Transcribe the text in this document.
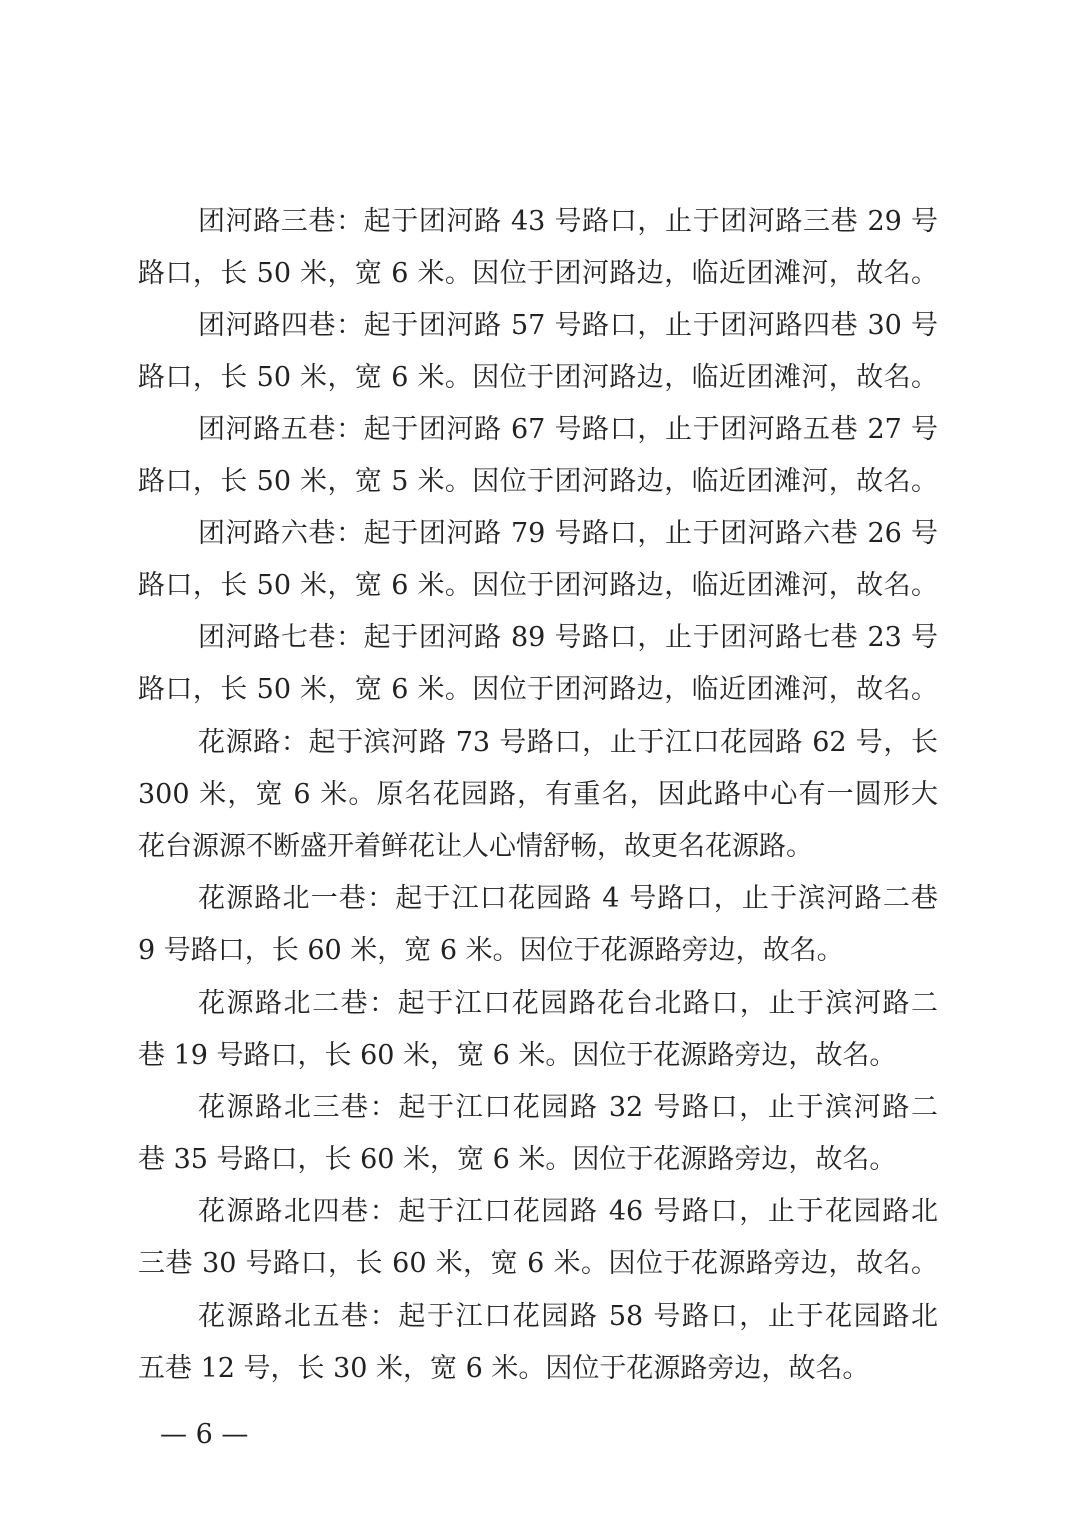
团河路三巷：起于团河路 43 号路口，止于团河路三巷 29 号
路口，长 50 米，宽 6 米。因位于团河路边，临近团滩河，故名。
团河路四巷：起于团河路 57 号路口，止于团河路四巷 30 号
路口，长 50 米，宽 6 米。因位于团河路边，临近团滩河，故名。
团河路五巷：起于团河路 67 号路口，止于团河路五巷 27 号
路口，长 50 米，宽 5 米。因位于团河路边，临近团滩河，故名。
团河路六巷：起于团河路 79 号路口，止于团河路六巷 26 号
路口，长 50 米，宽 6 米。因位于团河路边，临近团滩河，故名。
团河路七巷：起于团河路 89 号路口，止于团河路七巷 23 号
路口，长 50 米，宽 6 米。因位于团河路边，临近团滩河，故名。
花源路：起于滨河路 73 号路口，止于江口花园路 62 号，长
300 米，宽 6 米。原名花园路，有重名，因此路中心有一圆形大
花台源源不断盛开着鲜花让人心情舒畅，故更名花源路。
花源路北一巷：起于江口花园路 4 号路口，止于滨河路二巷
9 号路口，长 60 米，宽 6 米。因位于花源路旁边，故名。
花源路北二巷：起于江口花园路花台北路口，止于滨河路二
巷 19 号路口，长 60 米，宽 6 米。因位于花源路旁边，故名。
花源路北三巷：起于江口花园路 32 号路口，止于滨河路二
巷 35 号路口，长 60 米，宽 6 米。因位于花源路旁边，故名。
花源路北四巷：起于江口花园路 46 号路口，止于花园路北
三巷 30 号路口，长 60 米，宽 6 米。因位于花源路旁边，故名。
花源路北五巷：起于江口花园路 58 号路口，止于花园路北
五巷 12 号，长 30 米，宽 6 米。因位于花源路旁边，故名。
— 6 —
